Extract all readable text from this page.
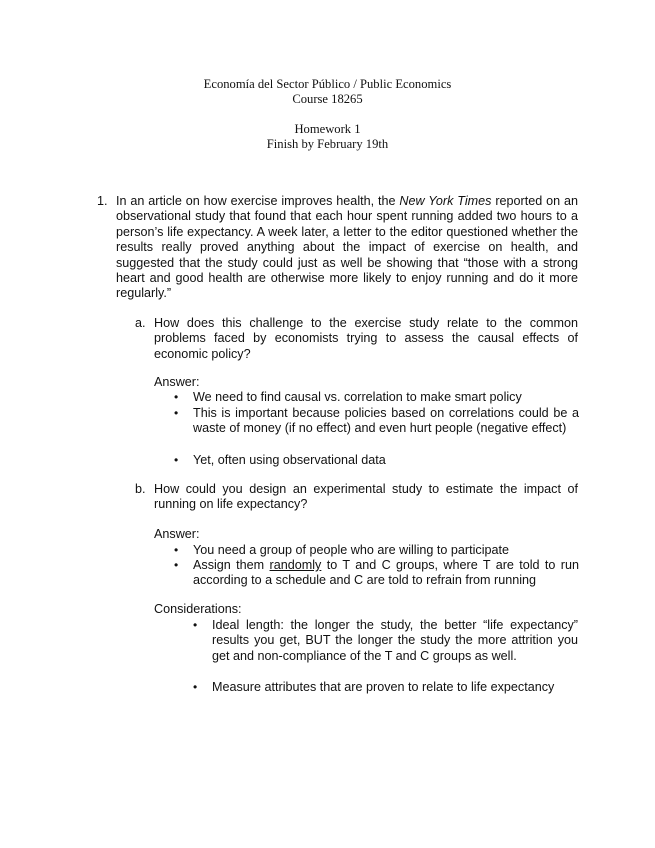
Economía del Sector Público / Public Economics
Course 18265
Homework 1
Finish by February 19th
1. In an article on how exercise improves health, the New York Times reported on an observational study that found that each hour spent running added two hours to a person’s life expectancy. A week later, a letter to the editor questioned whether the results really proved anything about the impact of exercise on health, and suggested that the study could just as well be showing that “those with a strong heart and good health are otherwise more likely to enjoy running and do it more regularly.”
a. How does this challenge to the exercise study relate to the common problems faced by economists trying to assess the causal effects of economic policy?
Answer:
• We need to find causal vs. correlation to make smart policy
• This is important because policies based on correlations could be a waste of money (if no effect) and even hurt people (negative effect)
• Yet, often using observational data
b. How could you design an experimental study to estimate the impact of running on life expectancy?
Answer:
• You need a group of people who are willing to participate
• Assign them randomly to T and C groups, where T are told to run according to a schedule and C are told to refrain from running
Considerations:
• Ideal length: the longer the study, the better “life expectancy” results you get, BUT the longer the study the more attrition you get and non-compliance of the T and C groups as well.
• Measure attributes that are proven to relate to life expectancy
